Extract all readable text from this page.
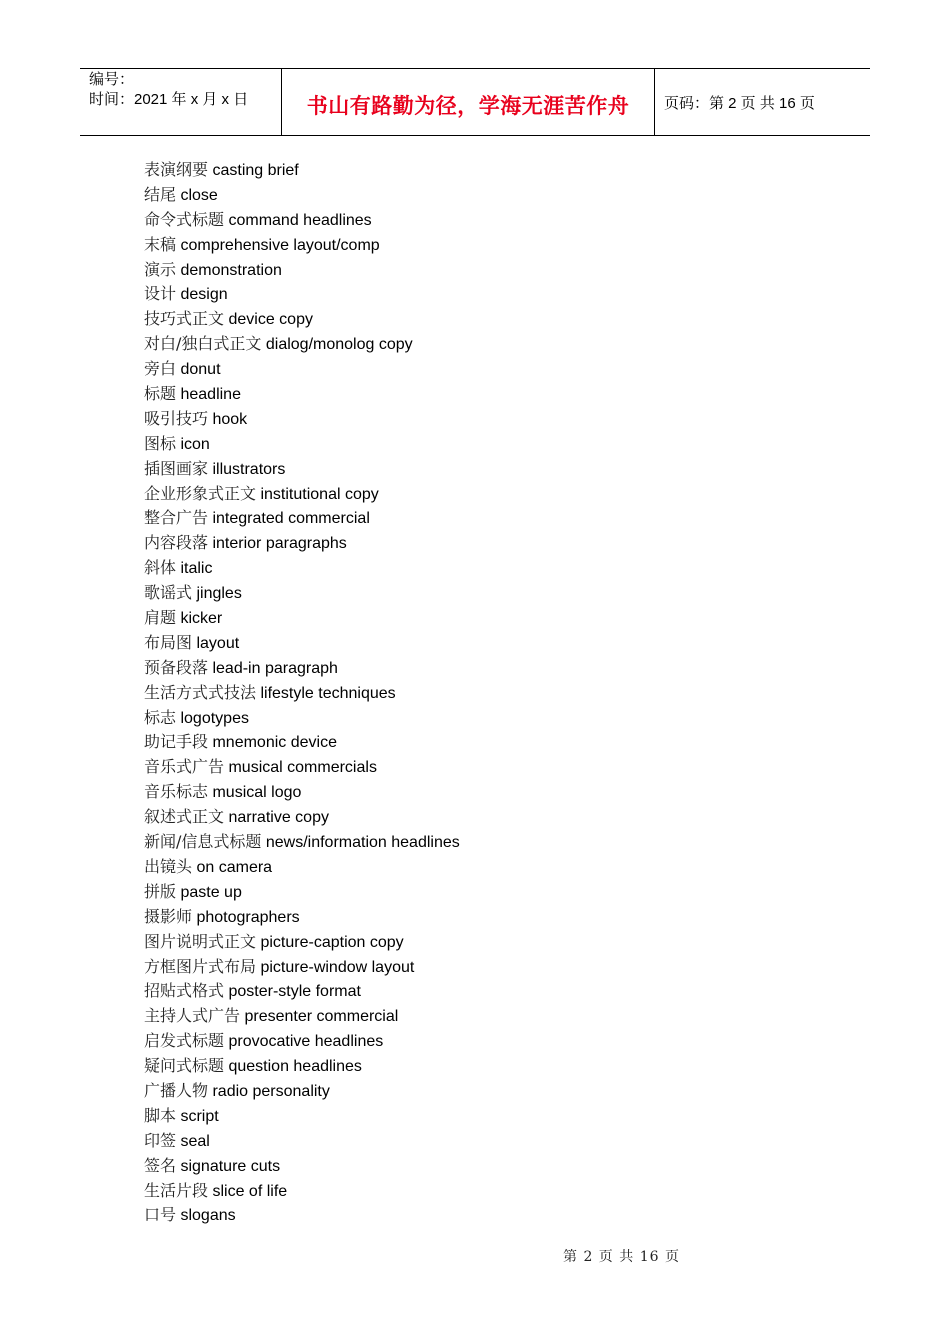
编号：
时间：2021 年 x 月 x 日	书山有路勤为径，学海无涯苦作舟	页码：第 2 页 共 16 页
表演纲要 casting brief
结尾 close
命令式标题 command headlines
末稿 comprehensive layout/comp
演示 demonstration
设计 design
技巧式正文 device copy
对白/独白式正文 dialog/monolog copy
旁白 donut
标题 headline
吸引技巧 hook
图标 icon
插图画家 illustrators
企业形象式正文 institutional copy
整合广告 integrated commercial
内容段落 interior paragraphs
斜体 italic
歌谣式 jingles
肩题 kicker
布局图 layout
预备段落 lead-in paragraph
生活方式式技法 lifestyle techniques
标志 logotypes
助记手段 mnemonic device
音乐式广告 musical commercials
音乐标志 musical logo
叙述式正文 narrative copy
新闻/信息式标题 news/information headlines
出镜头 on camera
拼版 paste up
摄影师 photographers
图片说明式正文 picture-caption copy
方框图片式布局 picture-window layout
招贴式格式 poster-style format
主持人式广告 presenter commercial
启发式标题 provocative headlines
疑问式标题 question headlines
广播人物 radio personality
脚本 script
印签 seal
签名 signature cuts
生活片段 slice of life
口号 slogans
第 2 页 共 16 页
